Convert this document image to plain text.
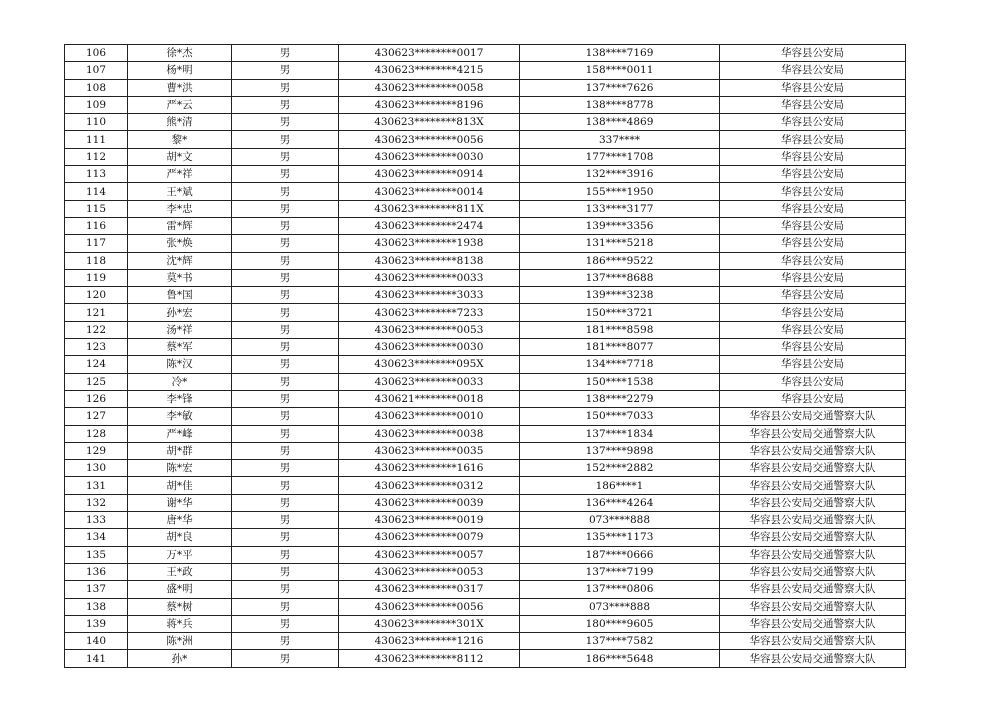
106	徐*杰	男	430623********0017	138****7169	华容县公安局
107	杨*明	男	430623********4215	158****0011	华容县公安局
108	曹*洪	男	430623********0058	137****7626	华容县公安局
109	严*云	男	430623********8196	138****8778	华容县公安局
110	熊*清	男	430623********813X	138****4869	华容县公安局
111	黎*	男	430623********0056	337****	华容县公安局
112	胡*文	男	430623********0030	177****1708	华容县公安局
113	严*祥	男	430623********0914	132****3916	华容县公安局
114	王*斌	男	430623********0014	155****1950	华容县公安局
115	李*忠	男	430623********811X	133****3177	华容县公安局
116	雷*辉	男	430623********2474	139****3356	华容县公安局
117	张*焕	男	430623********1938	131****5218	华容县公安局
118	沈*辉	男	430623********8138	186****9522	华容县公安局
119	莫*书	男	430623********0033	137****8688	华容县公安局
120	鲁*国	男	430623********3033	139****3238	华容县公安局
121	孙*宏	男	430623********7233	150****3721	华容县公安局
122	汤*祥	男	430623********0053	181****8598	华容县公安局
123	蔡*军	男	430623********0030	181****8077	华容县公安局
124	陈*汉	男	430623********095X	134****7718	华容县公安局
125	冷*	男	430623********0033	150****1538	华容县公安局
126	李*锋	男	430621********0018	138****2279	华容县公安局
127	李*敏	男	430623********0010	150****7033	华容县公安局交通警察大队
128	严*峰	男	430623********0038	137****1834	华容县公安局交通警察大队
129	胡*群	男	430623********0035	137****9898	华容县公安局交通警察大队
130	陈*宏	男	430623********1616	152****2882	华容县公安局交通警察大队
131	胡*佳	男	430623********0312	186****1	华容县公安局交通警察大队
132	谢*华	男	430623********0039	136****4264	华容县公安局交通警察大队
133	唐*华	男	430623********0019	073****888	华容县公安局交通警察大队
134	胡*良	男	430623********0079	135****1173	华容县公安局交通警察大队
135	万*平	男	430623********0057	187****0666	华容县公安局交通警察大队
136	王*政	男	430623********0053	137****7199	华容县公安局交通警察大队
137	盛*明	男	430623********0317	137****0806	华容县公安局交通警察大队
138	蔡*树	男	430623********0056	073****888	华容县公安局交通警察大队
139	蒋*兵	男	430623********301X	180****9605	华容县公安局交通警察大队
140	陈*洲	男	430623********1216	137****7582	华容县公安局交通警察大队
141	孙*	男	430623********8112	186****5648	华容县公安局交通警察大队
